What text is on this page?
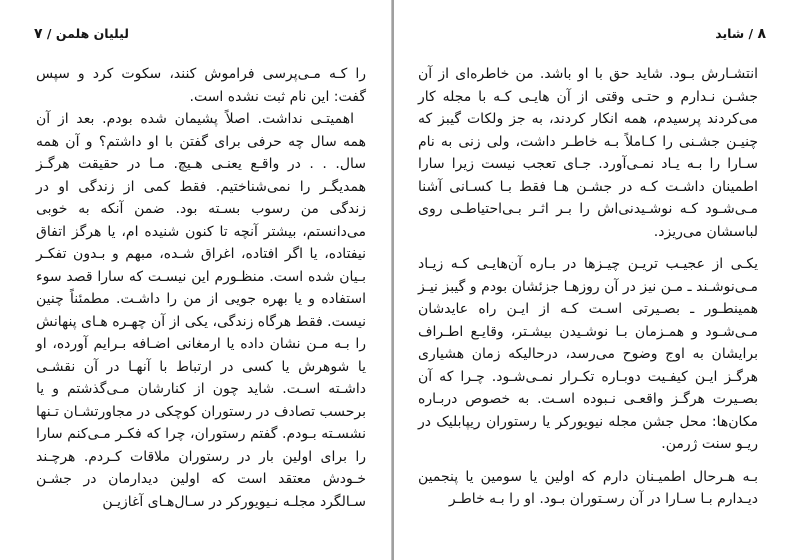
لیلیان هلمن / ۷

را کـه مـی‌پرسی فراموش کنند، سکوت کرد و سپس گفت: این نام ثبت نشده است.

اهمیتـی نداشت. اصلاً پشیمان شده بودم. بعد از آن همه سال چه حرفی برای گفتن با او داشتم؟ و آن همه سال. . . در واقـع یعنـی هـیچ. مـا در حقیقت هرگـز همدیگـر را نمی‌شناختیم. فقط کمی از زندگی او در زندگی من رسوب بسـته بود. ضمن آنکه به خوبی می‌دانستم، بیشتر آنچه تا کنون شنیده ام، یا هرگز اتفاق نیفتاده، یا اگر افتاده، اغراق شـده، مبهم و بـدون تفکـر بـیان شده است. منظـورم این نیسـت که سارا قصد سوء استفاده و یا بهره جویی از من را داشـت. مطمئناً چنین نیست. فقط هرگاه زندگی، یکی از آن چهـره هـای پنهانش را بـه مـن نشان داده یا ارمغانی اضـافه بـرایم آورده، او یا شوهرش یا کسی در ارتباط با آنهـا در آن نقشـی داشـته اسـت. شاید چون از کنارشان مـی‌گذشتم و یا برحسب تصادف در رستوران کوچکی در مجاورتشـان تـنها نشسـته بـودم. گفتم رستوران، چرا که فکـر مـی‌کنم سارا را برای اولین بار در رستوران ملاقات کـردم. هرچـند خـودش معتقد است که اولین دیدارمان در جشـن سـالگرد مجلـه نـیویورکر در سـال‌هـای آغازیـن

۸ / شاید

انتشـارش بـود. شاید حق با او باشد. من خاطره‌ای از آن جشـن نـدارم و حتـی وقتی از آن هایـی کـه با مجله کار می‌کردند پرسیدم، همه انکار کردند، به جز ولکات گیبز که چنیـن جشـنی را کـاملاً بـه خاطـر داشت، ولی زنی به نام سـارا را بـه یـاد نمـی‌آورد. جـای تعجب نیست زیرا سارا اطمینان داشـت کـه در جشـن هـا فقط بـا کسـانی آشنا مـی‌شـود کـه نوشـیدنی‌اش را بـر اثـر بـی‌احتیاطـی روی لباسشان می‌ریزد.

یکـی از عجیـب تریـن چیـزها در بـاره آن‌هایـی کـه زیـاد مـی‌نوشـند ـ مـن نیز در آن روزهـا جزئشان بودم و گیبز نیـز همینطـور ـ بصـیرتی اسـت کـه از ایـن راه عایدشان مـی‌شـود و همـزمان بـا نوشـیدن بیشـتر، وقایـع اطـراف برایشان به اوج وضوح می‌رسد، درحالیکه زمان هشیاری هرگـز ایـن کیفـیت دوبـاره تکـرار نمـی‌شـود. چـرا که آن بصـیرت هرگـز واقعـی نـبوده اسـت. به خصوص دربـاره مکان‌ها: محل جشن مجله نیویورکر یا رستوران ریپابلیک در ریـو سنت ژرمن.

بـه هـرحال اطمیـنان دارم که اولین یا سومین یا پنجمین دیـدارم بـا سـارا در آن رسـتوران بـود. او را بـه خاطـر
